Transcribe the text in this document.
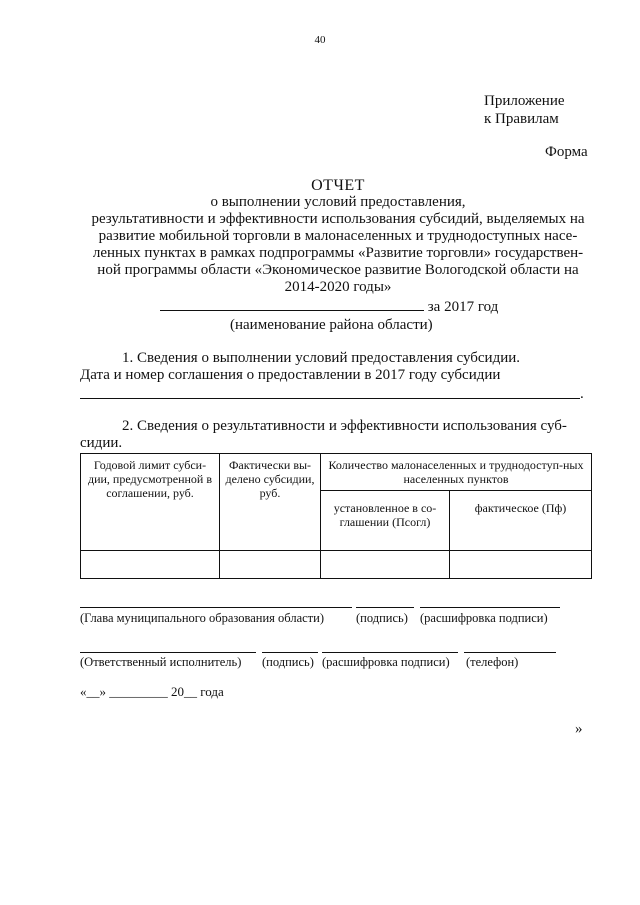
40
Приложение
к Правилам
Форма
ОТЧЕТ
о выполнении условий предоставления,
результативности и эффективности использования субсидий, выделяемых на
развитие мобильной торговли в малонаселенных и труднодоступных насе-
ленных пунктах в рамках подпрограммы «Развитие торговли» государствен-
ной программы области «Экономическое развитие Вологодской области на
2014-2020 годы»
за 2017 год
(наименование района области)
1. Сведения о выполнении условий предоставления субсидии.
Дата и номер соглашения о предоставлении в 2017 году субсидии
.
2. Сведения о результативности и эффективности использования суб-
сидии.
Годовой лимит субси-дии, предусмотренной в соглашении, руб.	Фактически вы-делено субсидии, руб.	Количество малонаселенных и труднодоступ-ных населенных пунктов	
		установленное в со-глашении (Псогл)	фактическое (Пф)

(Глава муниципального образования области)	(подпись) (расшифровка подписи)
(Ответственный исполнитель) (подпись) (расшифровка подписи) (телефон)
«__» _________ 20__ года
»
